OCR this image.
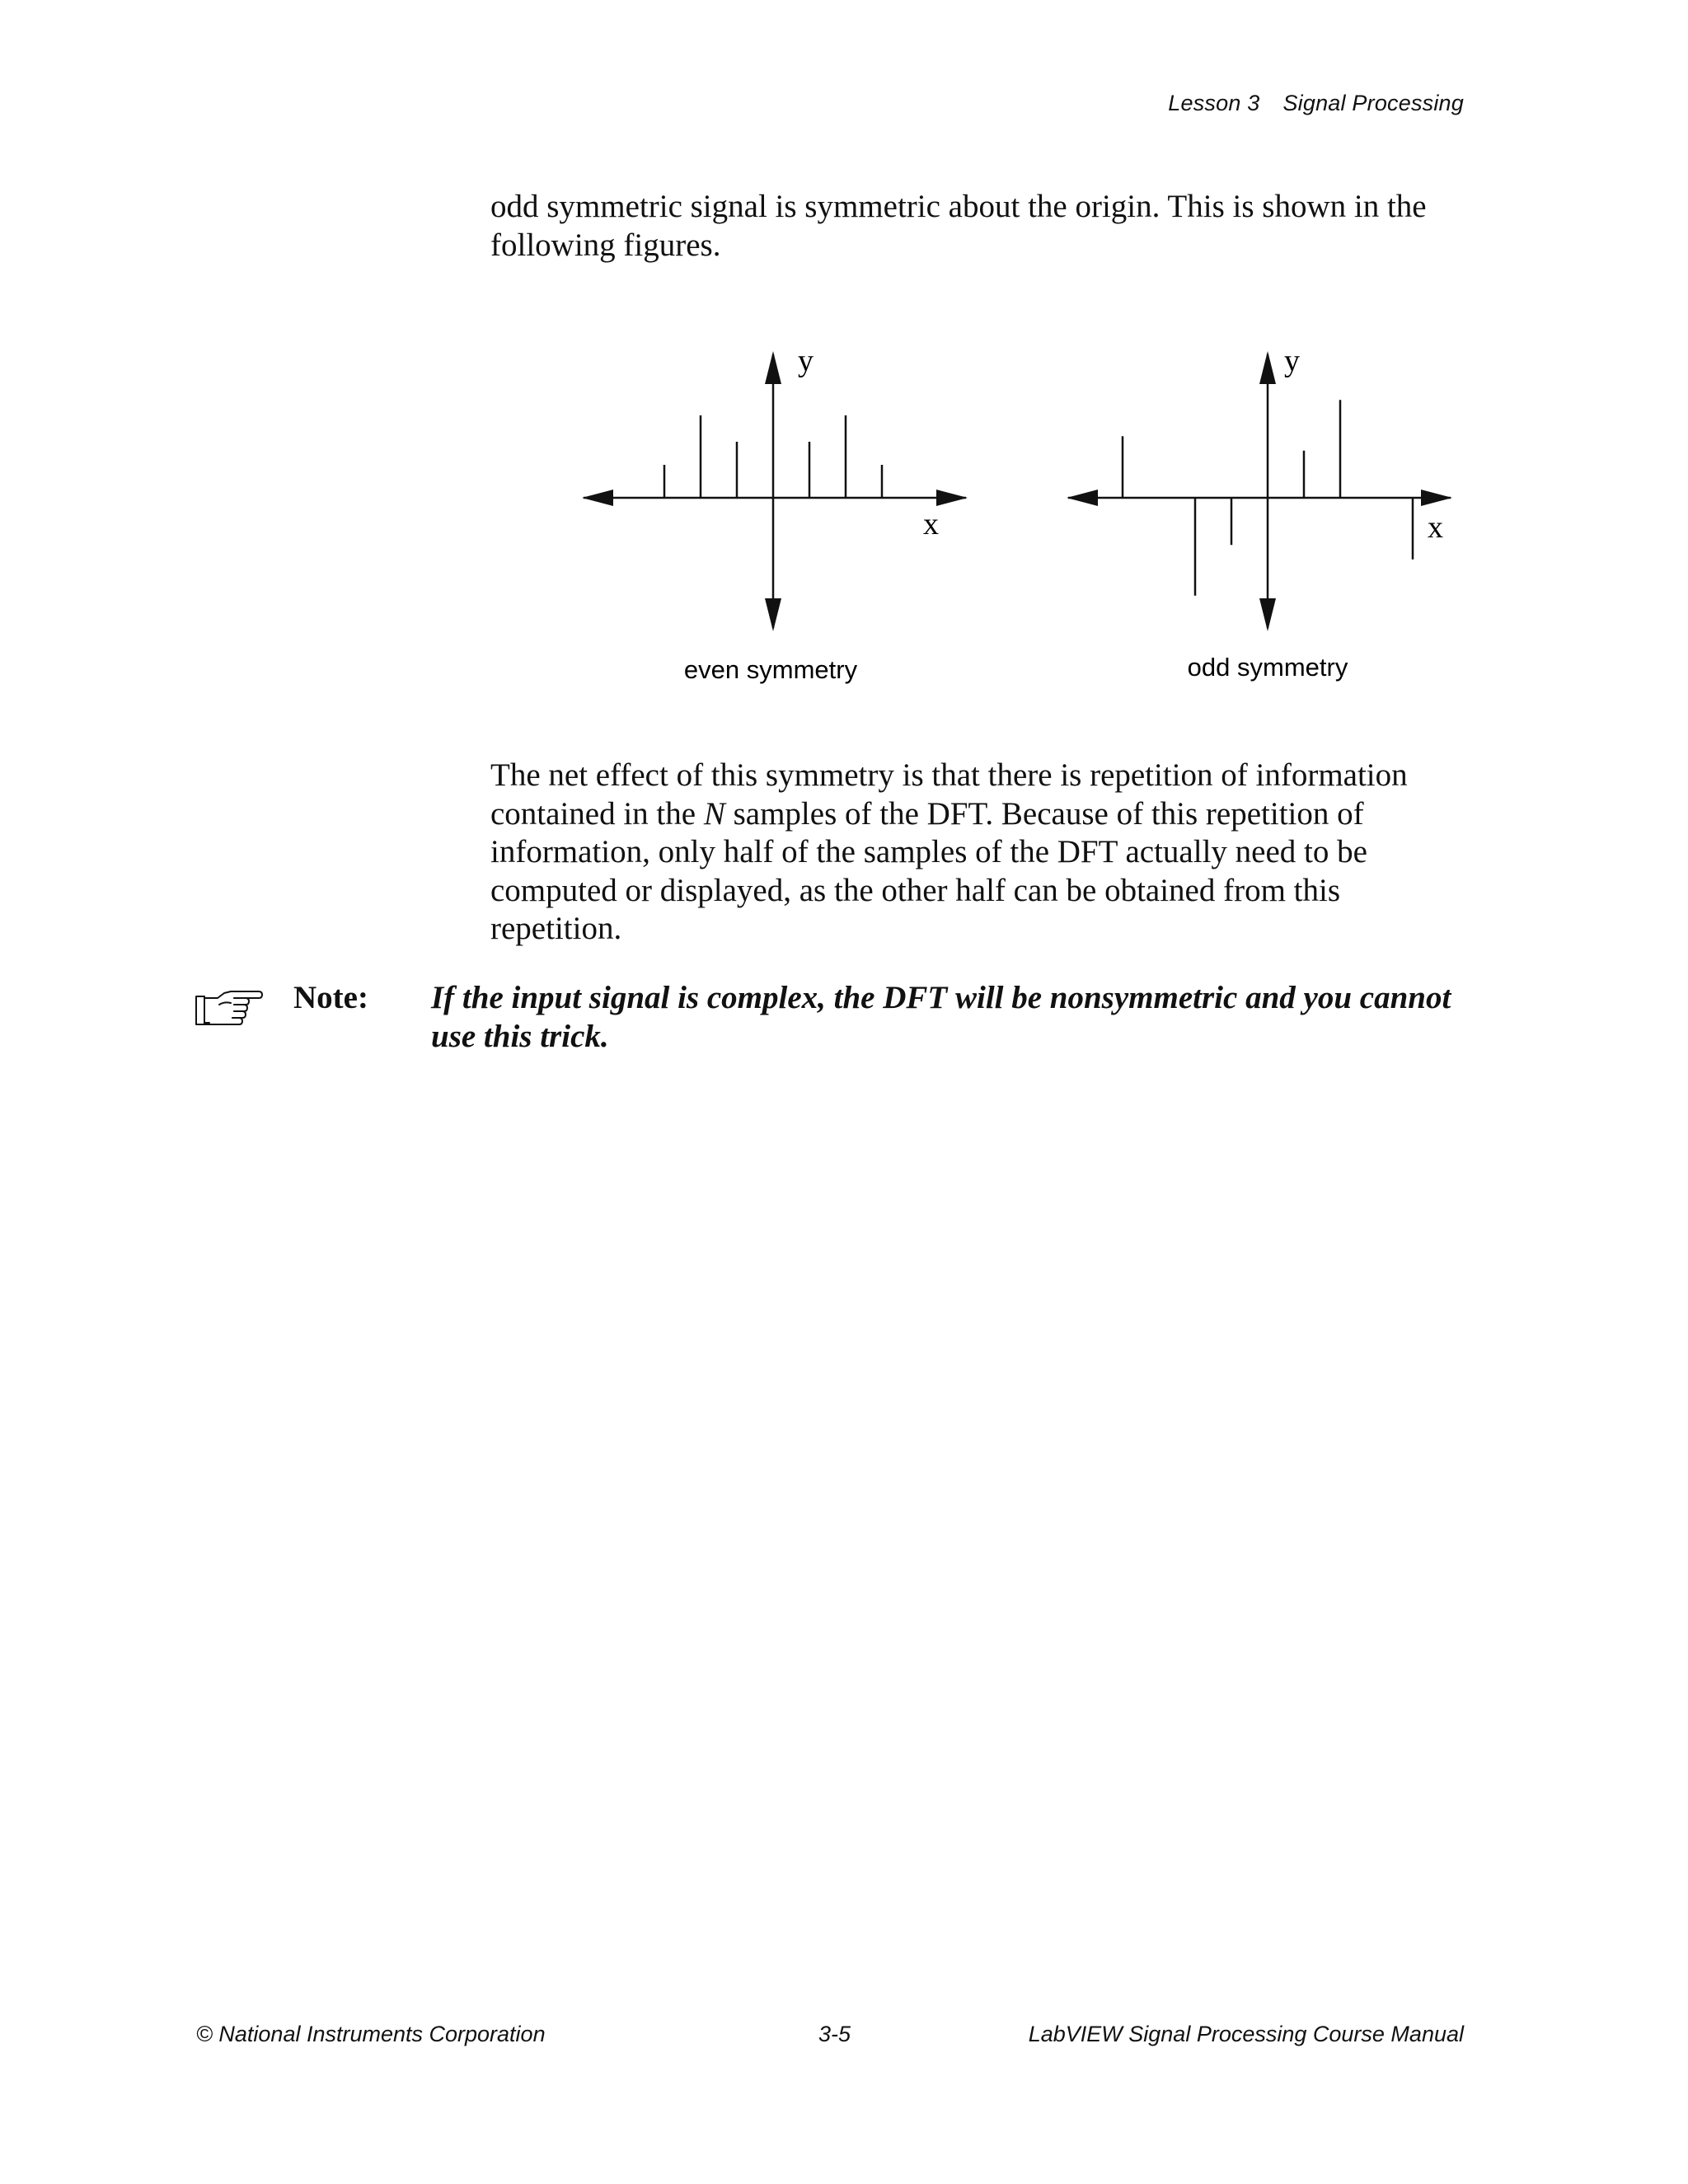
Lesson 3 Signal Processing

odd symmetric signal is symmetric about the origin. This is shown in the following figures.

y
x
even symmetry
y
x
odd symmetry

The net effect of this symmetry is that there is repetition of information contained in the N samples of the DFT. Because of this repetition of information, only half of the samples of the DFT actually need to be computed or displayed, as the other half can be obtained from this repetition.

Note: If the input signal is complex, the DFT will be nonsymmetric and you cannot use this trick.

© National Instruments Corporation	3-5	LabVIEW Signal Processing Course Manual
